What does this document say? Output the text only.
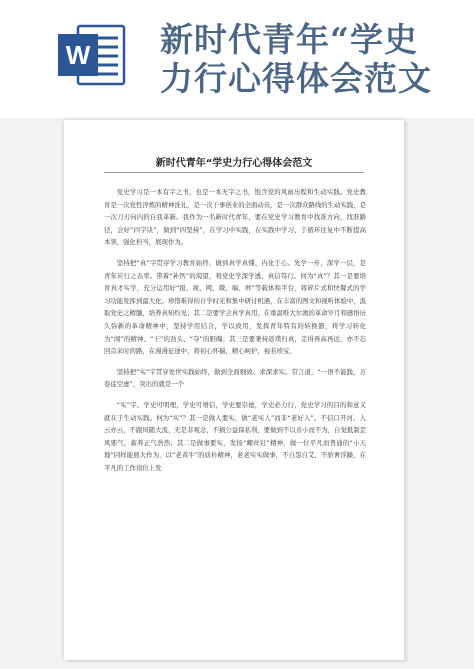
W 新时代青年“学史
力行心得体会范文
新时代青年“学史力行心得体会范文

党史学习是一本有字之书，也是一本无字之书，饱含党的风雨历程和生动实践。党史教育是一次党性淬炼的精神洗礼，是一次干事创业的全面动员，是一次群众路线的生动实践，是一次刀刃向内的自我革新。我作为一名新时代青年，要在党史学习教育中找准方向，找准路径，会好“四字诀”，做到“四坚持”，在学习中实践，在实践中学习，于循环往复中不断提高本领，强化担当，展现作为。

坚持把“真”字贯穿学习教育始终，做到真学真懂、内化于心。先学一步，深学一层，是青年应行之表率。带着“补钙”的渴望，将党史学深学透，真信笃行。何为“真”？其一是要培育真才实学，充分运用好“报、视、网、微、端、屏”等载体和平台，将碎片式和快餐式的学习功能发挥到最大化。珍惜难得的自学时光和集中研讨机遇，在丰富的图文和视听体验中，汲取党史之精髓，培养真知灼见；其二是要学会真学真用，在重温唯大尔澳的革命岁月和感悟历久弥新的革命精神中，坚持学用结合，学以致用，发挥青年特有的转换器，将学习转化为“闯”的精神、“干”的劲头、“夺”的胆魄；其三是要秉持返璞归真，走得再高再远，亦不忘回首来时的路，在漫漫征途中，将初心怀揣，精心呵护，视若珍宝。

坚持把“实”字贯穿处世实践始终，做到全面细致、求深求实。常言道，“一语不能践，万卷徒空虚”，突出的就是一个

“实”字。学史可明理，学史可增信，学史要崇德，学史必力行，党史学习的目的和意义就在于生动实践。何为“实”？其一是做人要实，做“老实人”而非“老好人”。不信口开河、人云亦云，不跟风随大流、无是非观念，不损公益保私利，要做到不以善小而不为，自觉抵制歪风邪气，蓄养正气浩然；其二是做事要实，发扬“螺丝钉”精神，做一位平凡而普通的“小天地”同样能展大作为，以“老黄牛”的质朴精神，老老实实做事，不自怨自艾，不骄奢浮躁，在平凡的工作岗位上发
